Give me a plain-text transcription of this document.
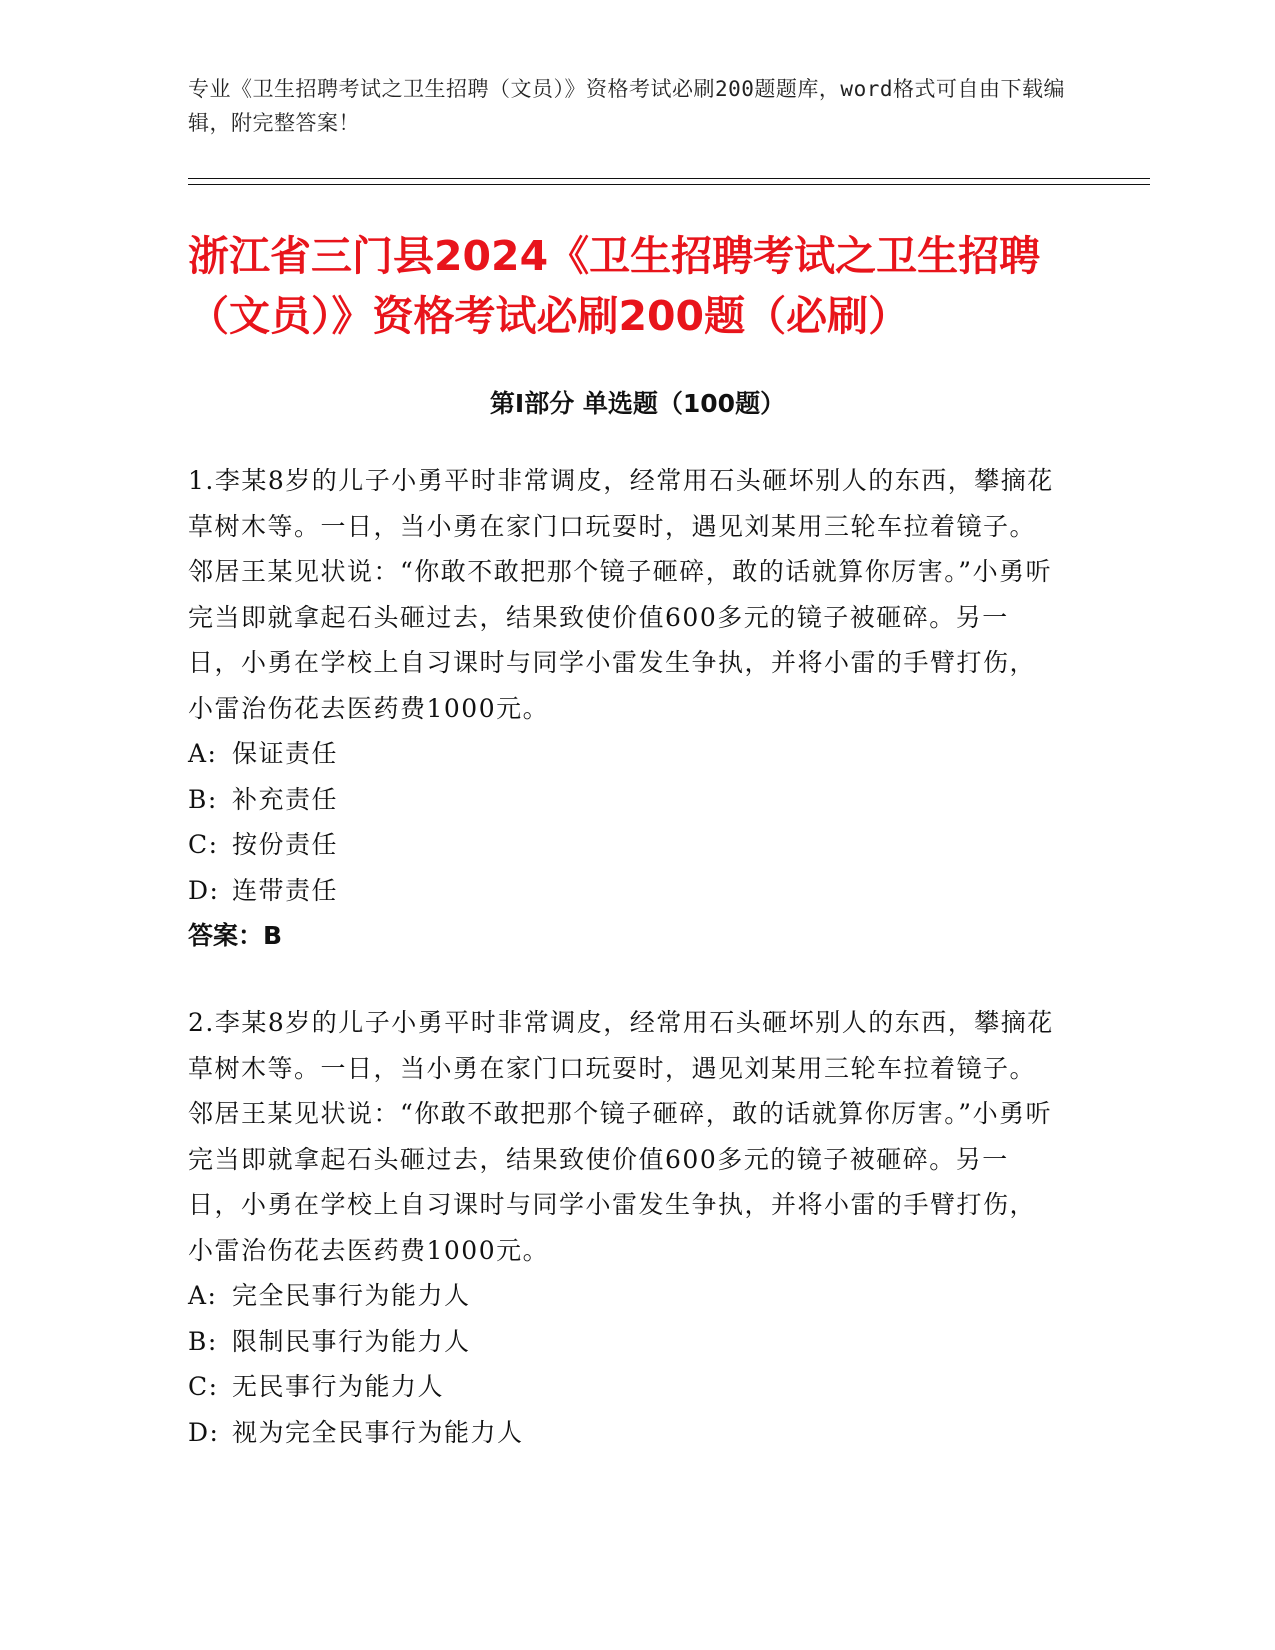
专业《卫生招聘考试之卫生招聘（文员）》资格考试必刷200题题库，word格式可自由下载编辑，附完整答案！
浙江省三门县2024《卫生招聘考试之卫生招聘（文员）》资格考试必刷200题（必刷）
第Ⅰ部分 单选题（100题）

1.李某8岁的儿子小勇平时非常调皮，经常用石头砸坏别人的东西，攀摘花草树木等。一日，当小勇在家门口玩耍时，遇见刘某用三轮车拉着镜子。邻居王某见状说：“你敢不敢把那个镜子砸碎，敢的话就算你厉害。”小勇听完当即就拿起石头砸过去，结果致使价值600多元的镜子被砸碎。另一日，小勇在学校上自习课时与同学小雷发生争执，并将小雷的手臂打伤，小雷治伤花去医药费1000元。

A: 保证责任

B: 补充责任

C: 按份责任

D: 连带责任

答案：B

2.李某8岁的儿子小勇平时非常调皮，经常用石头砸坏别人的东西，攀摘花草树木等。一日，当小勇在家门口玩耍时，遇见刘某用三轮车拉着镜子。邻居王某见状说：“你敢不敢把那个镜子砸碎，敢的话就算你厉害。”小勇听完当即就拿起石头砸过去，结果致使价值600多元的镜子被砸碎。另一日，小勇在学校上自习课时与同学小雷发生争执，并将小雷的手臂打伤，小雷治伤花去医药费1000元。

A: 完全民事行为能力人

B: 限制民事行为能力人

C: 无民事行为能力人

D: 视为完全民事行为能力人
